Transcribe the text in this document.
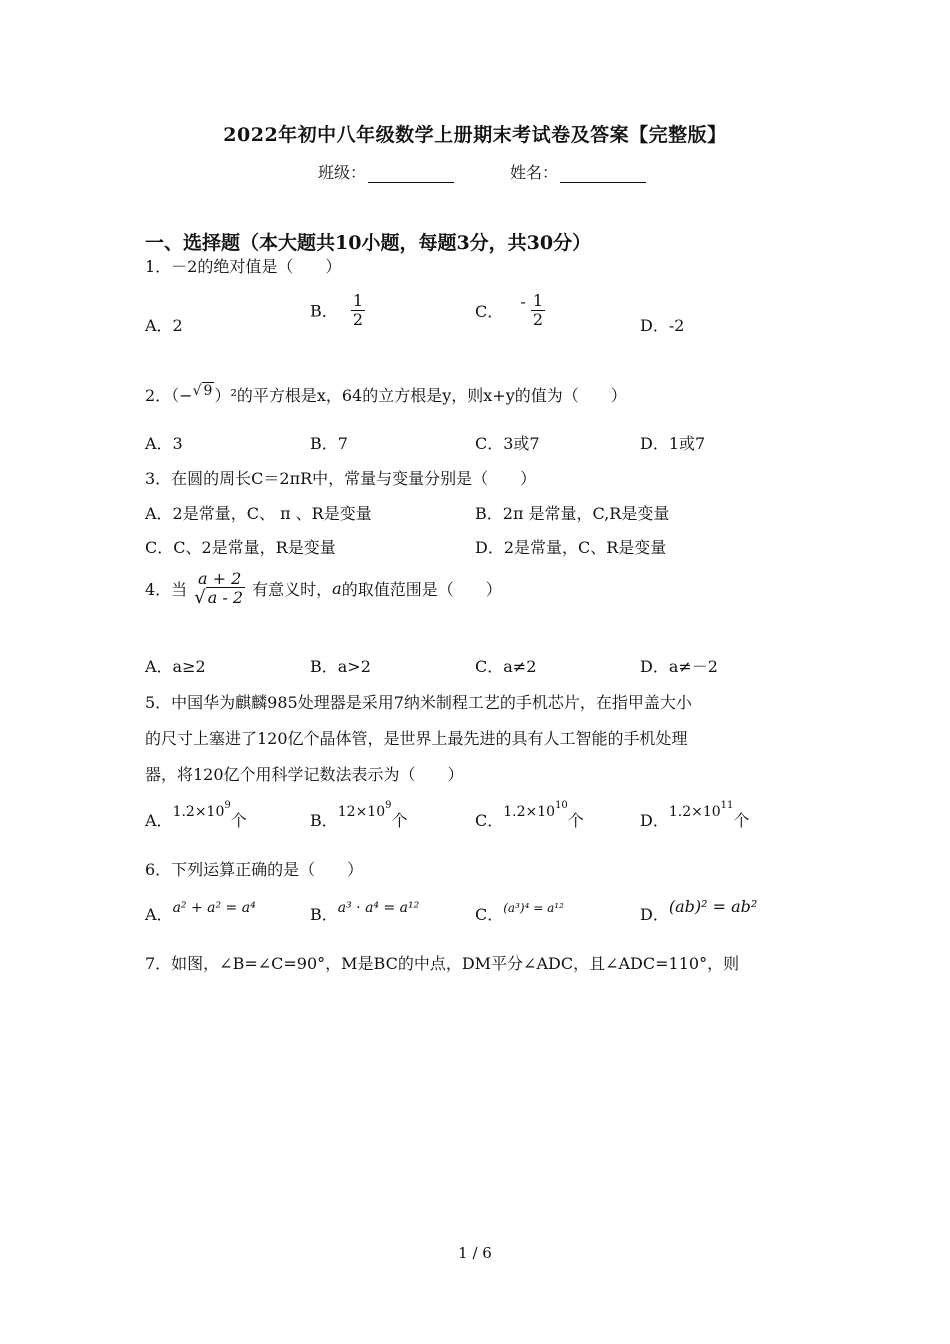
2022年初中八年级数学上册期末考试卷及答案【完整版】
班级：	姓名：
一、选择题（本大题共10小题，每题3分，共30分）
1．－2的绝对值是（　　）
A．2
B． $\frac{1}{2}$	C． - $\frac{1}{2}$	D．-2
2．（−√ 9 ）²的平方根是x，64的立方根是y，则x+y的值为（　　）
A．3	B．7	C．3或7	D．1或7
3．在圆的周长C＝2πR中，常量与变量分别是（　　）
A．2是常量，C、 π 、R是变量	B．2π 是常量，C,R是变量
C．C、2是常量，R是变量	D．2是常量，C、R是变量
4．当
a + 2
√ a - 2 有意义时，a的取值范围是（　　）
A．a≥2	B．a>2	C．a≠2	D．a≠－2
5．中国华为麒麟985处理器是采用7纳米制程工艺的手机芯片，在指甲盖大小
的尺寸上塞进了120亿个晶体管，是世界上最先进的具有人工智能的手机处理
器，将120亿个用科学记数法表示为（　　）
A．$1.2\times 10^9$个	B．$12\times 10^9$个	C．$1.2\times 10^{10}$个	D．$1.2\times 10^{11}$个
6．下列运算正确的是（　　）
A．a² + a² = a⁴	B．a³ · a⁴ = a¹²	C．(a³)⁴ = a¹²	D．(ab)² = ab²
7．如图，∠B=∠C=90°，M是BC的中点，DM平分∠ADC，且∠ADC=110°，则
1 / 6
